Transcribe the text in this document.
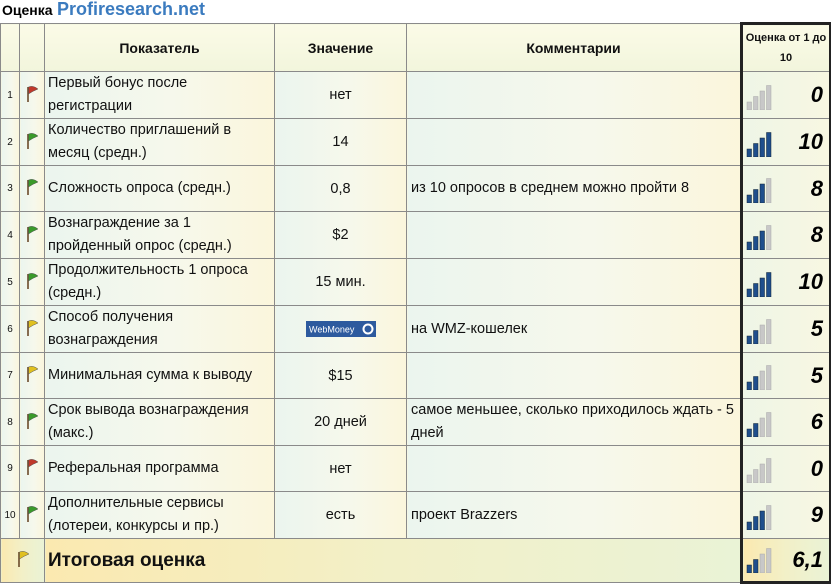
Оценка Profiresearch.net
		Показатель	Значение	Комментарии	Оценка от 1 до 10
1		Первый бонус после регистрации	нет		0

2		Количество приглашений в месяц (средн.)	14		10

3		Сложность опроса (средн.)	0,8	из 10 опросов в среднем можно пройти 8	8

4		Вознаграждение за 1 пройденный опрос (средн.)	$2		8

5		Продолжительность 1 опроса (средн.)	15 мин.		10

6		Способ получения вознаграждения	WebMoney	на WMZ-кошелек	5

7		Минимальная сумма к выводу	$15		5

8		Срок вывода вознаграждения (макс.)	20 дней	самое меньшее, сколько приходилось ждать - 5 дней	6

9		Реферальная программа	нет		0

10		Дополнительные сервисы (лотереи, конкурсы и пр.)	есть	проект Brazzers	9

	Итоговая оценка			6,1
